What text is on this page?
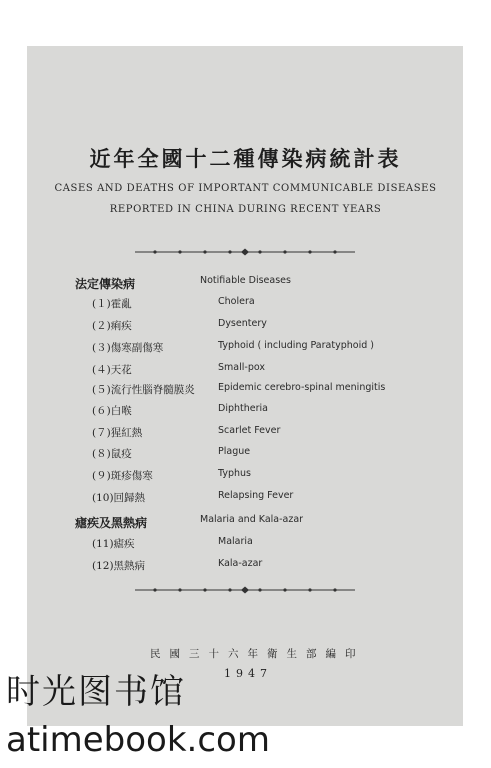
近年全國十二種傳染病統計表
CASES AND DEATHS OF IMPORTANT COMMUNICABLE DISEASES
REPORTED IN CHINA DURING RECENT YEARS
法定傳染病	Notifiable Diseases
(１)霍亂	Cholera
(２)痢疾	Dysentery
(３)傷寒副傷寒	Typhoid ( including Paratyphoid )
(４)天花	Small-pox
(５)流行性腦脊髓膜炎 Epidemic cerebro-spinal meningitis
(６)白喉	Diphtheria
(７)猩紅熱	Scarlet Fever
(８)鼠疫	Plague
(９)斑疹傷寒	Typhus
(10)回歸熱	Relapsing Fever
瘧疾及黑熱病	Malaria and Kala-azar
(11)瘧疾	Malaria
(12)黑熱病	Kala-azar
民國三十六年衛生部編印
1947
时光图书馆
atimebook.com
